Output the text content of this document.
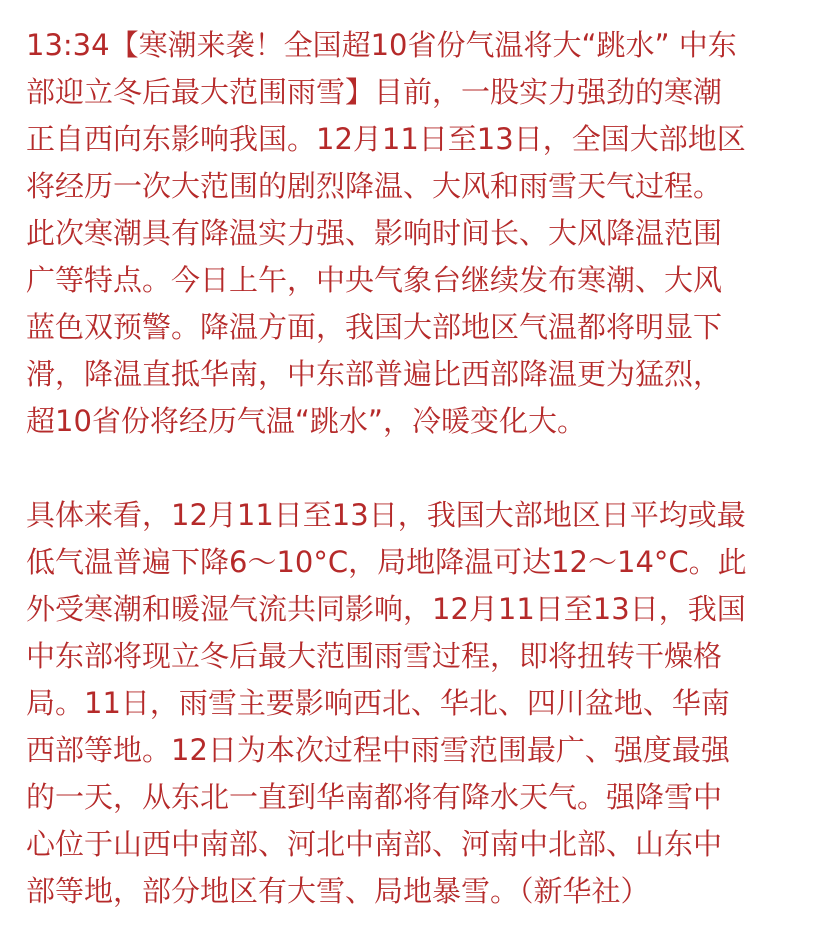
13:34【寒潮来袭！全国超10省份气温将大“跳水” 中东
部迎立冬后最大范围雨雪】目前，一股实力强劲的寒潮
正自西向东影响我国。12月11日至13日，全国大部地区
将经历一次大范围的剧烈降温、大风和雨雪天气过程。
此次寒潮具有降温实力强、影响时间长、大风降温范围
广等特点。今日上午，中央气象台继续发布寒潮、大风
蓝色双预警。降温方面，我国大部地区气温都将明显下
滑，降温直抵华南，中东部普遍比西部降温更为猛烈，
超10省份将经历气温“跳水”，冷暖变化大。

具体来看，12月11日至13日，我国大部地区日平均或最
低气温普遍下降6～10°C，局地降温可达12～14°C。此
外受寒潮和暖湿气流共同影响，12月11日至13日，我国
中东部将现立冬后最大范围雨雪过程，即将扭转干燥格
局。11日，雨雪主要影响西北、华北、四川盆地、华南
西部等地。12日为本次过程中雨雪范围最广、强度最强
的一天，从东北一直到华南都将有降水天气。强降雪中
心位于山西中南部、河北中南部、河南中北部、山东中
部等地，部分地区有大雪、局地暴雪。（新华社）
